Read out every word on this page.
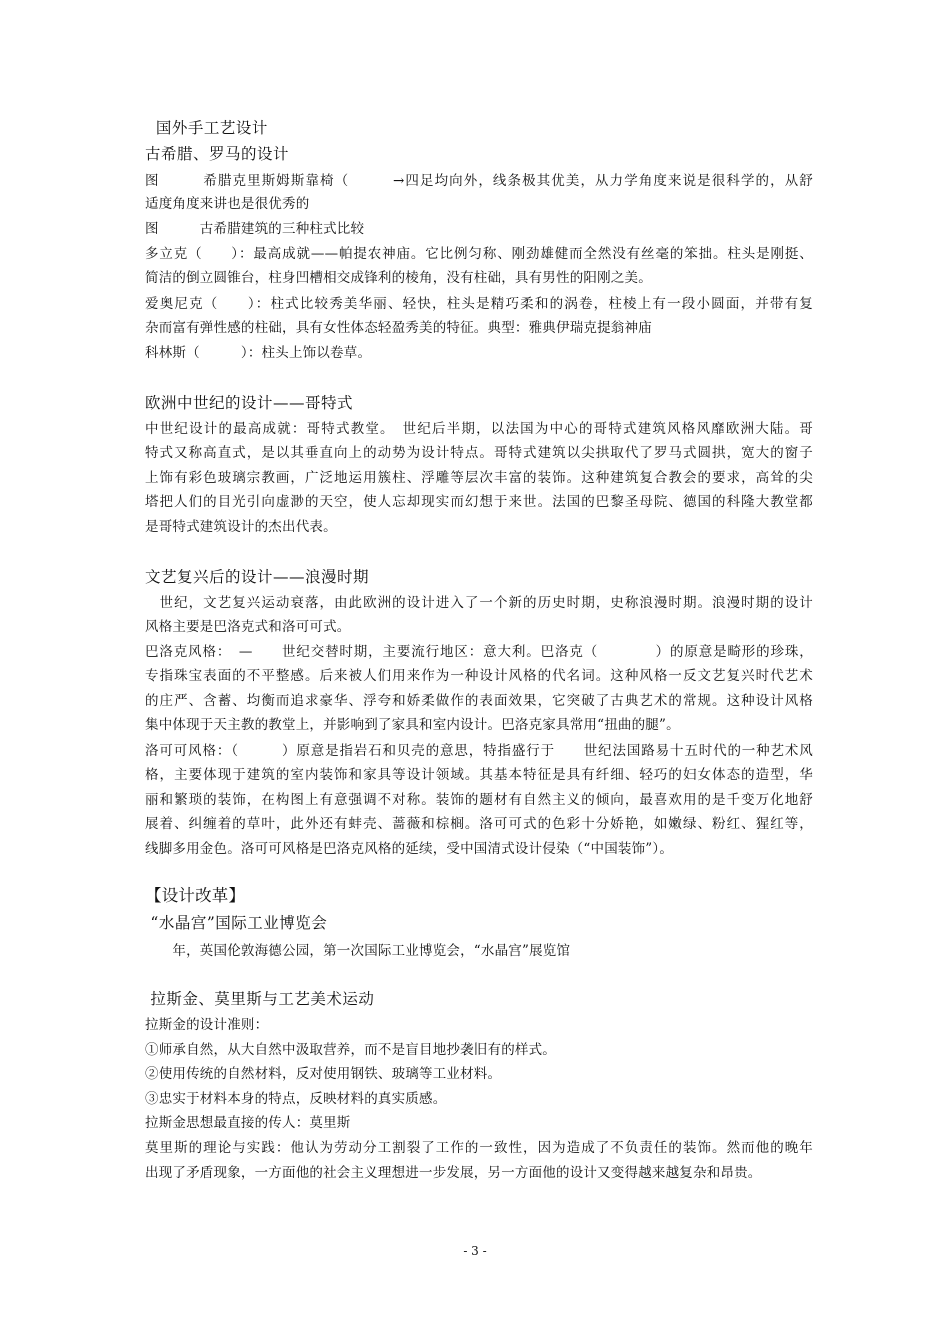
国外手工艺设计
古希腊、罗马的设计
图　　　希腊克里斯姆斯靠椅（　　　→四足均向外，线条极其优美，从力学角度来说是很科学的，从舒
适度角度来讲也是很优秀的
图　　　古希腊建筑的三种柱式比较
多立克（　　）：最高成就——帕提农神庙。它比例匀称、刚劲雄健而全然没有丝毫的笨拙。柱头是刚挺、
简洁的倒立圆锥台，柱身凹槽相交成锋利的棱角，没有柱础，具有男性的阳刚之美。
爱奥尼克（　　）：柱式比较秀美华丽、轻快，柱头是精巧柔和的涡卷，柱棱上有一段小圆面，并带有复
杂而富有弹性感的柱础，具有女性体态轻盈秀美的特征。典型：雅典伊瑞克提翁神庙
科林斯（　　　）：柱头上饰以卷草。
欧洲中世纪的设计——哥特式
中世纪设计的最高成就：哥特式教堂。　世纪后半期，以法国为中心的哥特式建筑风格风靡欧洲大陆。哥
特式又称高直式，是以其垂直向上的动势为设计特点。哥特式建筑以尖拱取代了罗马式圆拱，宽大的窗子
上饰有彩色玻璃宗教画，广泛地运用簇柱、浮雕等层次丰富的装饰。这种建筑复合教会的要求，高耸的尖
塔把人们的目光引向虚渺的天空，使人忘却现实而幻想于来世。法国的巴黎圣母院、德国的科隆大教堂都
是哥特式建筑设计的杰出代表。
文艺复兴后的设计——浪漫时期
　世纪，文艺复兴运动衰落，由此欧洲的设计进入了一个新的历史时期，史称浪漫时期。浪漫时期的设计
风格主要是巴洛克式和洛可可式。
巴洛克风格：　—　　世纪交替时期，主要流行地区：意大利。巴洛克（　　　　）的原意是畸形的珍珠，
专指珠宝表面的不平整感。后来被人们用来作为一种设计风格的代名词。这种风格一反文艺复兴时代艺术
的庄严、含蓄、均衡而追求豪华、浮夸和娇柔做作的表面效果，它突破了古典艺术的常规。这种设计风格
集中体现于天主教的教堂上，并影响到了家具和室内设计。巴洛克家具常用“扭曲的腿”。
洛可可风格：（　　　）原意是指岩石和贝壳的意思，特指盛行于　　世纪法国路易十五时代的一种艺术风
格，主要体现于建筑的室内装饰和家具等设计领域。其基本特征是具有纤细、轻巧的妇女体态的造型，华
丽和繁琐的装饰，在构图上有意强调不对称。装饰的题材有自然主义的倾向，最喜欢用的是千变万化地舒
展着、纠缠着的草叶，此外还有蚌壳、蔷薇和棕榈。洛可可式的色彩十分娇艳，如嫩绿、粉红、猩红等，
线脚多用金色。洛可可风格是巴洛克风格的延续，受中国清式设计侵染（“中国装饰”）。
【设计改革】
“水晶宫”国际工业博览会
　　年，英国伦敦海德公园，第一次国际工业博览会，“水晶宫”展览馆
拉斯金、莫里斯与工艺美术运动
拉斯金的设计准则：
①师承自然，从大自然中汲取营养，而不是盲目地抄袭旧有的样式。
②使用传统的自然材料，反对使用钢铁、玻璃等工业材料。
③忠实于材料本身的特点，反映材料的真实质感。
拉斯金思想最直接的传人：莫里斯
莫里斯的理论与实践：他认为劳动分工割裂了工作的一致性，因为造成了不负责任的装饰。然而他的晚年
出现了矛盾现象，一方面他的社会主义理想进一步发展，另一方面他的设计又变得越来越复杂和昂贵。
- 3 -
